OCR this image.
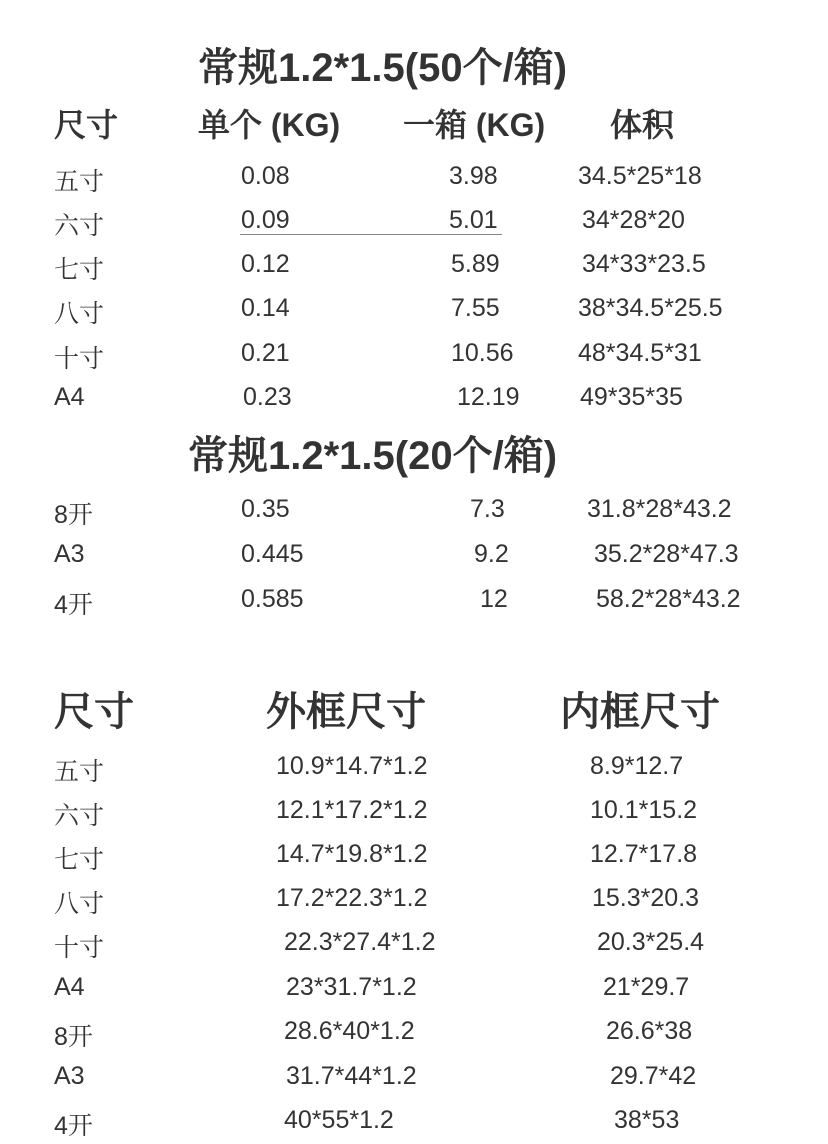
常规1.2*1.5(50个/箱)
尺寸 单个 (KG) 一箱 (KG) 体积
五寸	0.08	3.98	34.5*25*18
六寸	0.09	5.01	34*28*20
七寸	0.12	5.89	34*33*23.5
八寸	0.14	7.55	38*34.5*25.5
十寸	0.21	10.56	48*34.5*31
A4	0.23	12.19 49*35*35
常规1.2*1.5(20个/箱)
8开	0.35	7.3	31.8*28*43.2
A3	0.445	9.2	35.2*28*47.3
4开	0.585	12	58.2*28*43.2
尺寸	外框尺寸	内框尺寸
五寸	10.9*14.7*1.2	8.9*12.7
六寸	12.1*17.2*1.2	10.1*15.2
七寸	14.7*19.8*1.2	12.7*17.8
八寸	17.2*22.3*1.2	15.3*20.3
十寸	22.3*27.4*1.2	20.3*25.4
A4	23*31.7*1.2	21*29.7
8开	28.6*40*1.2	26.6*38
A3	31.7*44*1.2	29.7*42
4开	40*55*1.2	38*53
